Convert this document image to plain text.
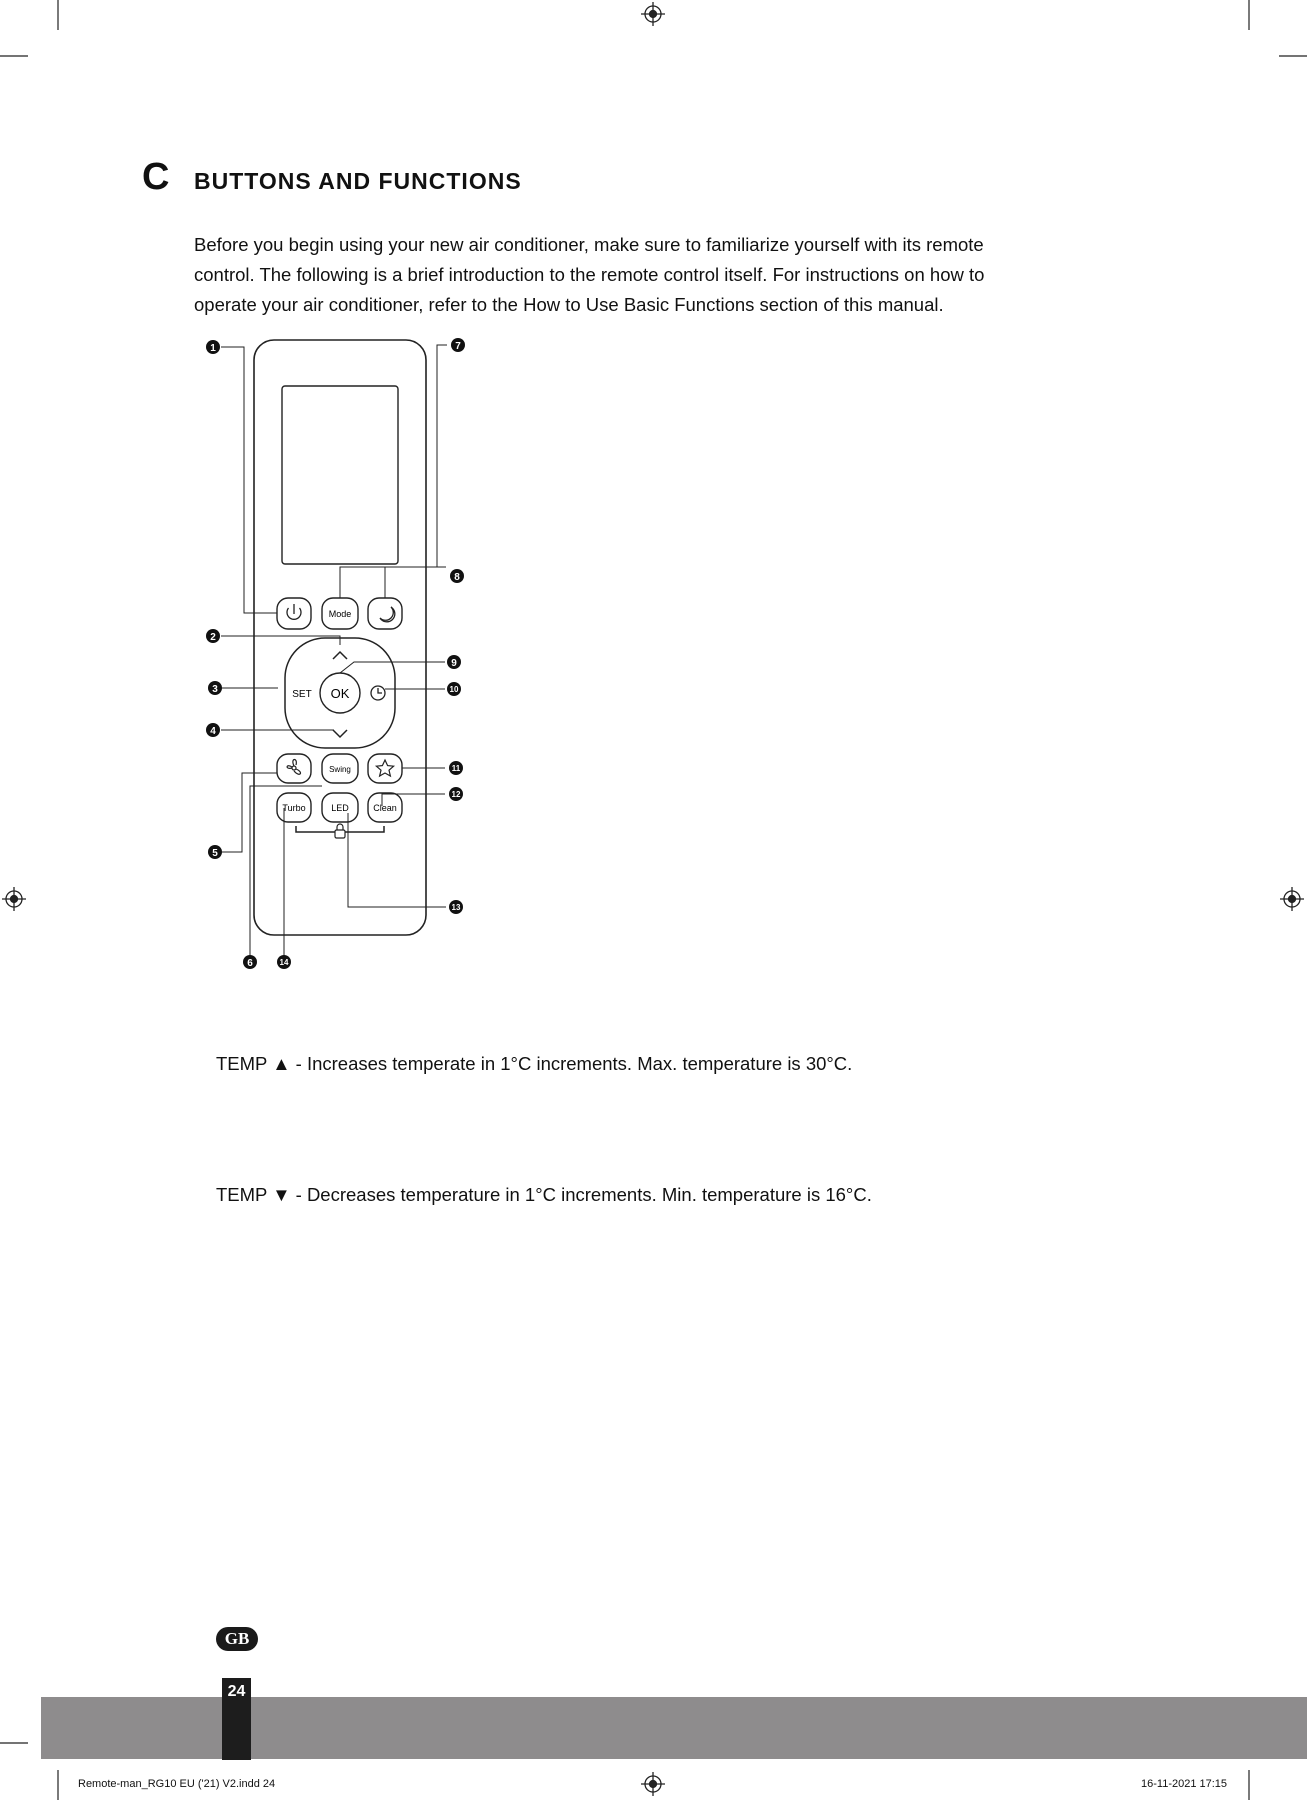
C BUTTONS AND FUNCTIONS
Before you begin using your new air conditioner, make sure to familiarize yourself with its remote
control. The following is a brief introduction to the remote control itself. For instructions on how to
operate your air conditioner, refer to the How to Use Basic Functions section of this manual.
Mode
SET OK
Swing
Turbo	LED	Clean
1
2
3
4
5
6
7
8
9
10
11
12
13
14
TEMP ▲ - Increases temperate in 1°C increments. Max. temperature is 30°C.
TEMP ▼ - Decreases temperature in 1°C increments. Min. temperature is 16°C.
GB
24
Remote-man_RG10 EU ('21) V2.indd 24	16-11-2021 17:15
